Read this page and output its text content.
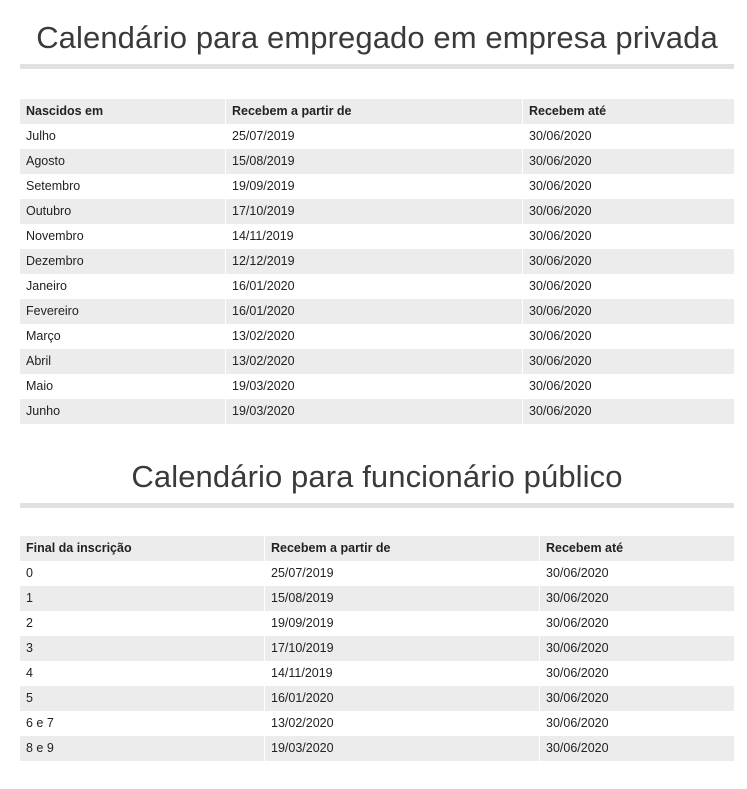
Calendário para empregado em empresa privada
Nascidos em	Recebem a partir de	Recebem até
Julho	25/07/2019	30/06/2020
Agosto	15/08/2019	30/06/2020
Setembro	19/09/2019	30/06/2020
Outubro	17/10/2019	30/06/2020
Novembro	14/11/2019	30/06/2020
Dezembro	12/12/2019	30/06/2020
Janeiro	16/01/2020	30/06/2020
Fevereiro	16/01/2020	30/06/2020
Março	13/02/2020	30/06/2020
Abril	13/02/2020	30/06/2020
Maio	19/03/2020	30/06/2020
Junho	19/03/2020	30/06/2020
Calendário para funcionário público
Final da inscrição	Recebem a partir de	Recebem até
0	25/07/2019	30/06/2020
1	15/08/2019	30/06/2020
2	19/09/2019	30/06/2020
3	17/10/2019	30/06/2020
4	14/11/2019	30/06/2020
5	16/01/2020	30/06/2020
6 e 7	13/02/2020	30/06/2020
8 e 9	19/03/2020	30/06/2020
